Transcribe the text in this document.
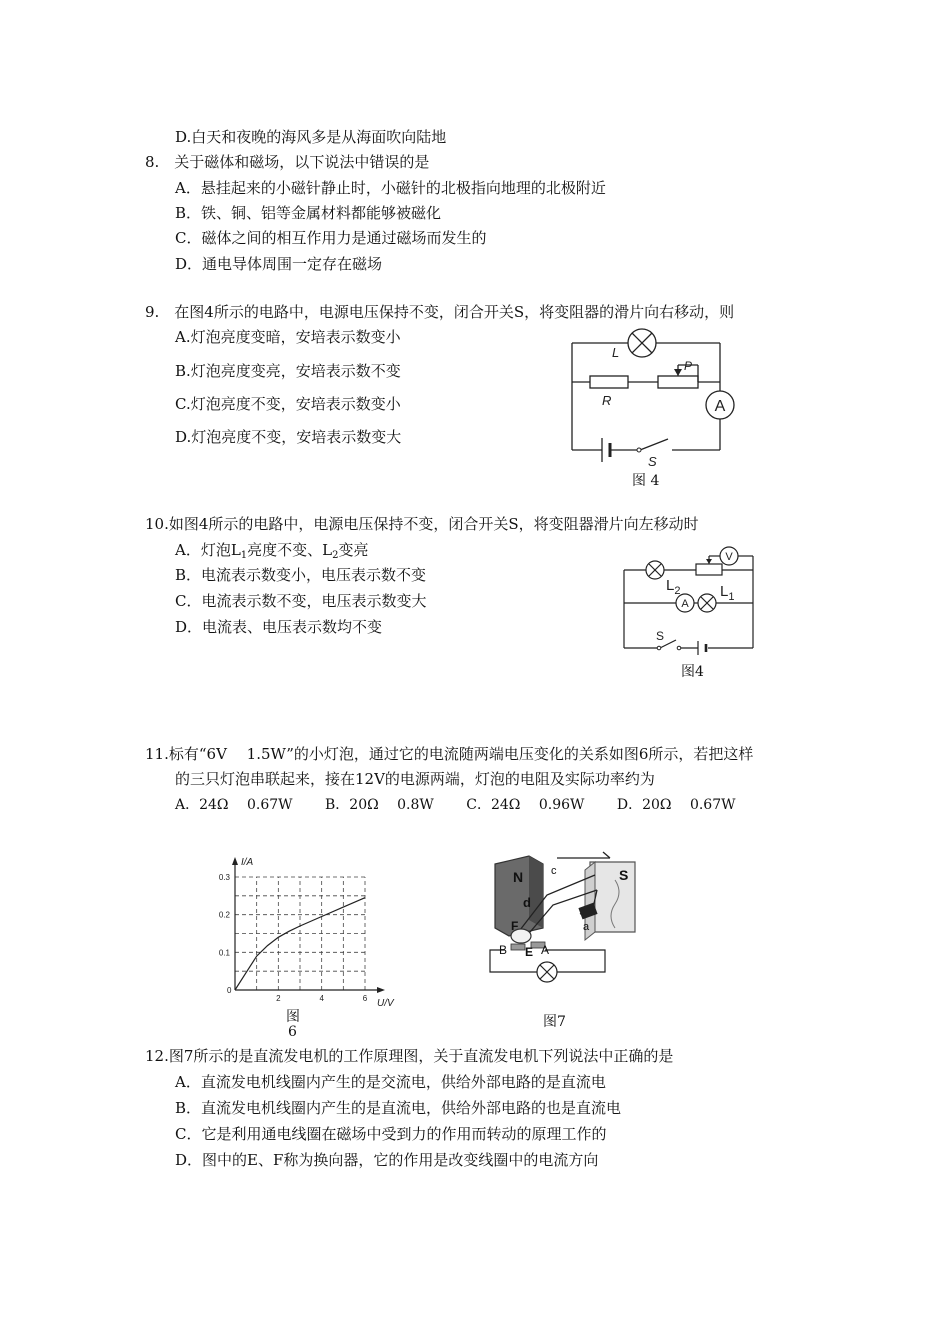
D.白天和夜晚的海风多是从海面吹向陆地
8.　关于磁体和磁场，以下说法中错误的是
A．悬挂起来的小磁针静止时，小磁针的北极指向地理的北极附近
B．铁、铜、铝等金属材料都能够被磁化
C．磁体之间的相互作用力是通过磁场而发生的
D．通电导体周围一定存在磁场
9.　在图4所示的电路中，电源电压保持不变，闭合开关S，将变阻器的滑片向右移动，则
A.灯泡亮度变暗，安培表示数变小
B.灯泡亮度变亮，安培表示数不变
C.灯泡亮度不变，安培表示数变小
D.灯泡亮度不变，安培表示数变大
A
L
P
R
S
图 4
10.如图4所示的电路中，电源电压保持不变，闭合开关S，将变阻器滑片向左移动时
A．灯泡$L_1$亮度不变、$L_2$变亮
B．电流表示数变小，电压表示数不变
C．电流表示数不变，电压表示数变大
D．电流表、电压表示数均不变
V
A
$L_2$	$L_1$
S
图4
11.标有“6V　 1.5W”的小灯泡，通过它的电流随两端电压变化的关系如图6所示，若把这样
的三只灯泡串联起来，接在12V的电源两端，灯泡的电阻及实际功率约为
A．24Ω　 0.67W　　 B．20Ω　 0.8W　　 C．24Ω　 0.96W　　 D．20Ω　 0.67W
0.1
0.2
0.3
2	4	6
I/A
U/V
0
图
6
N	S
c
d
a
F
B E A
图7
12.图7所示的是直流发电机的工作原理图，关于直流发电机下列说法中正确的是
A．直流发电机线圈内产生的是交流电，供给外部电路的是直流电
B．直流发电机线圈内产生的是直流电，供给外部电路的也是直流电
C．它是利用通电线圈在磁场中受到力的作用而转动的原理工作的
D．图中的E、F称为换向器，它的作用是改变线圈中的电流方向
